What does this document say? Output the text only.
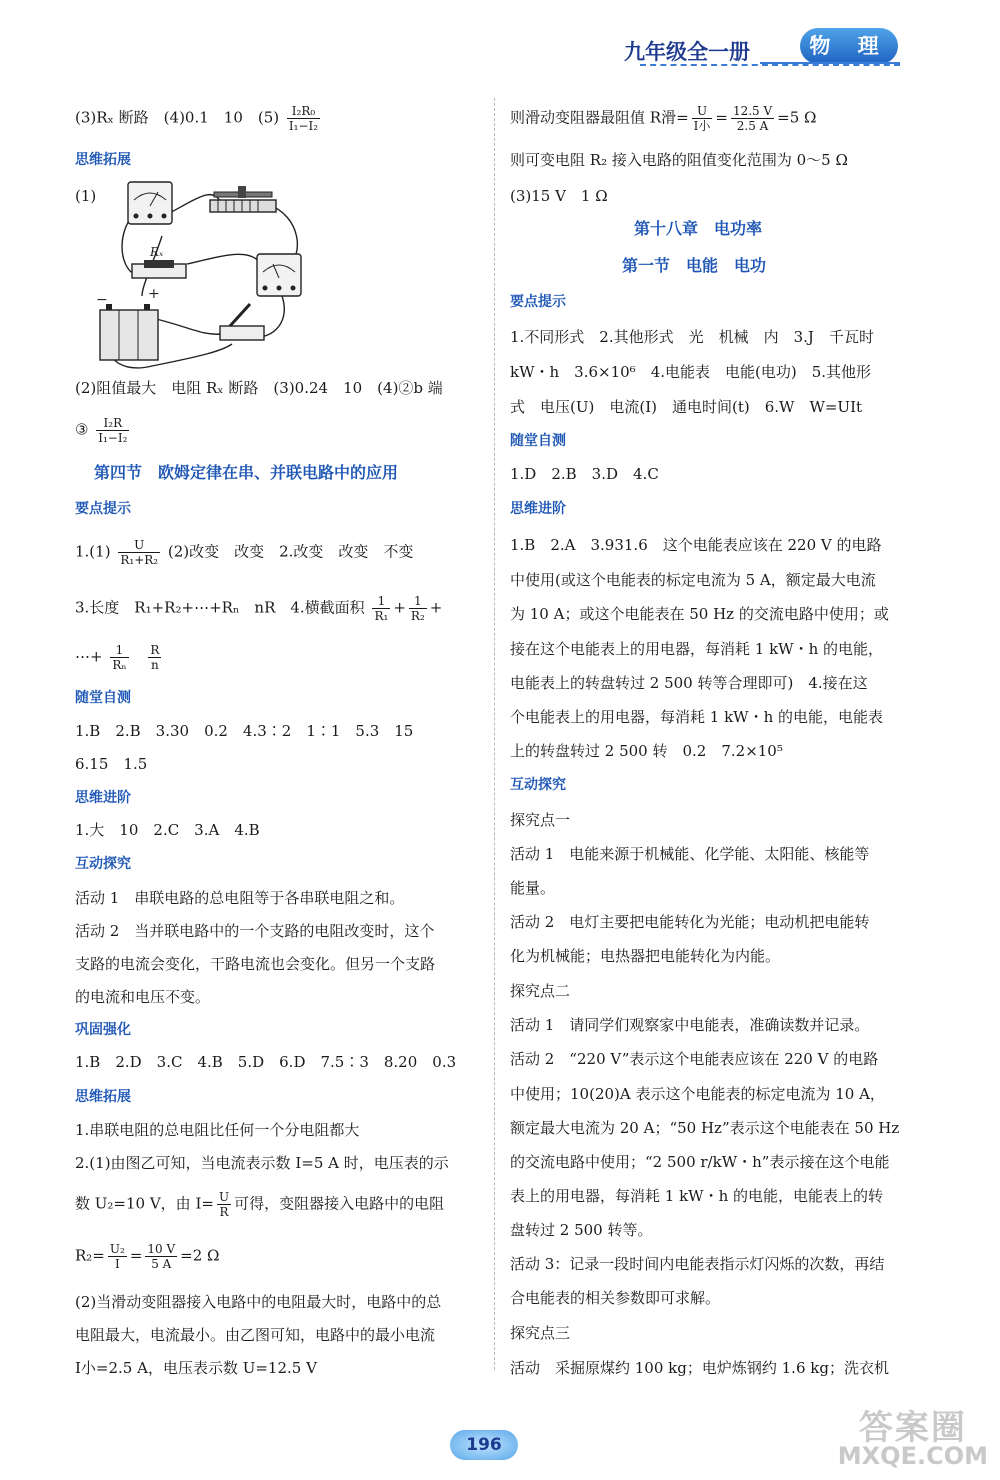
九年级全一册	物 理
(3)Rₓ 断路　(4)0.1　10　$(5) \frac{\text{I₂R₀}}{\text{I₁−I₂}}$
思维拓展
(1)
Rₓ
−	+
(2)阻值最大　电阻 Rₓ 断路　(3)0.24　10　(4)②b 端
③ $\frac{\text{I₂R}}{\text{I₁−I₂}}$
第四节　欧姆定律在串、并联电路中的应用
要点提示
$1.(1) \frac{U}{\text{R₁+R₂}} (2)$改变　改变　2.改变　改变　不变
3.长度　R₁+R₂+⋯+Rₙ　nR　4.横截面积 $\frac{1}{\text{R₁}} + \frac{1}{\text{R₂}}$ +
⋯+ $\frac{1}{\text{Rₙ}}$
$\frac{R}{n}$
随堂自测
1.B　2.B　3.30　0.2　4.3∶2　1∶1　5.3　15
6.15　1.5
思维进阶
1.大　10　2.C　3.A　4.B
互动探究
活动 1　串联电路的总电阻等于各串联电阻之和。
活动 2　当并联电路中的一个支路的电阻改变时，这个
支路的电流会变化，干路电流也会变化。但另一个支路
的电流和电压不变。
巩固强化
1.B　2.D　3.C　4.B　5.D　6.D　7.5∶3　8.20　0.3
思维拓展
1.串联电阻的总电阻比任何一个分电阻都大
2.(1)由图乙可知，当电流表示数 I=5 A 时，电压表的示
数 U₂=10 V，由 $I= \frac{U}{R}$ 可得，变阻器接入电路中的电阻
$R_2= \frac{\text{U₂}}{I} = \frac{10 V}{5 A} =2$ Ω
(2)当滑动变阻器接入电路中的电阻最大时，电路中的总
电阻最大，电流最小。由乙图可知，电路中的最小电流
I小=2.5 A，电压表示数 U=12.5 V
则滑动变阻器最阻值 R滑= $\frac{U}{\text{I小}} = \frac{12.5 V}{2.5 A} =5$ Ω
则可变电阻 R₂ 接入电路的阻值变化范围为 0～5 Ω
(3)15 V　1 Ω
第十八章　电功率
第一节　电能　电功
要点提示
1.不同形式　2.其他形式　光　机械　内　3.J　千瓦时
kW・h　3.6×10⁶　4.电能表　电能(电功)　5.其他形
式　电压(U)　电流(I)　通电时间(t)　6.W　W=UIt
随堂自测
1.D　2.B　3.D　4.C
思维进阶
1.B　2.A　3.931.6　这个电能表应该在 220 V 的电路
中使用(或这个电能表的标定电流为 5 A，额定最大电流
为 10 A；或这个电能表在 50 Hz 的交流电路中使用；或
接在这个电能表上的用电器，每消耗 1 kW・h 的电能，
电能表上的转盘转过 2 500 转等合理即可)　4.接在这
个电能表上的用电器，每消耗 1 kW・h 的电能，电能表
上的转盘转过 2 500 转　0.2　7.2×10⁵
互动探究
探究点一
活动 1　电能来源于机械能、化学能、太阳能、核能等
能量。
活动 2　电灯主要把电能转化为光能；电动机把电能转
化为机械能；电热器把电能转化为内能。
探究点二
活动 1　请同学们观察家中电能表，准确读数并记录。
活动 2　“220 V”表示这个电能表应该在 220 V 的电路
中使用；10(20)A 表示这个电能表的标定电流为 10 A，
额定最大电流为 20 A；“50 Hz”表示这个电能表在 50 Hz
的交流电路中使用；“2 500 r/kW・h”表示接在这个电能
表上的用电器，每消耗 1 kW・h 的电能，电能表上的转
盘转过 2 500 转等。
活动 3：记录一段时间内电能表指示灯闪烁的次数，再结
合电能表的相关参数即可求解。
探究点三
活动　采掘原煤约 100 kg；电炉炼钢约 1.6 kg；洗衣机
196	答案圈
MXQE.COM
